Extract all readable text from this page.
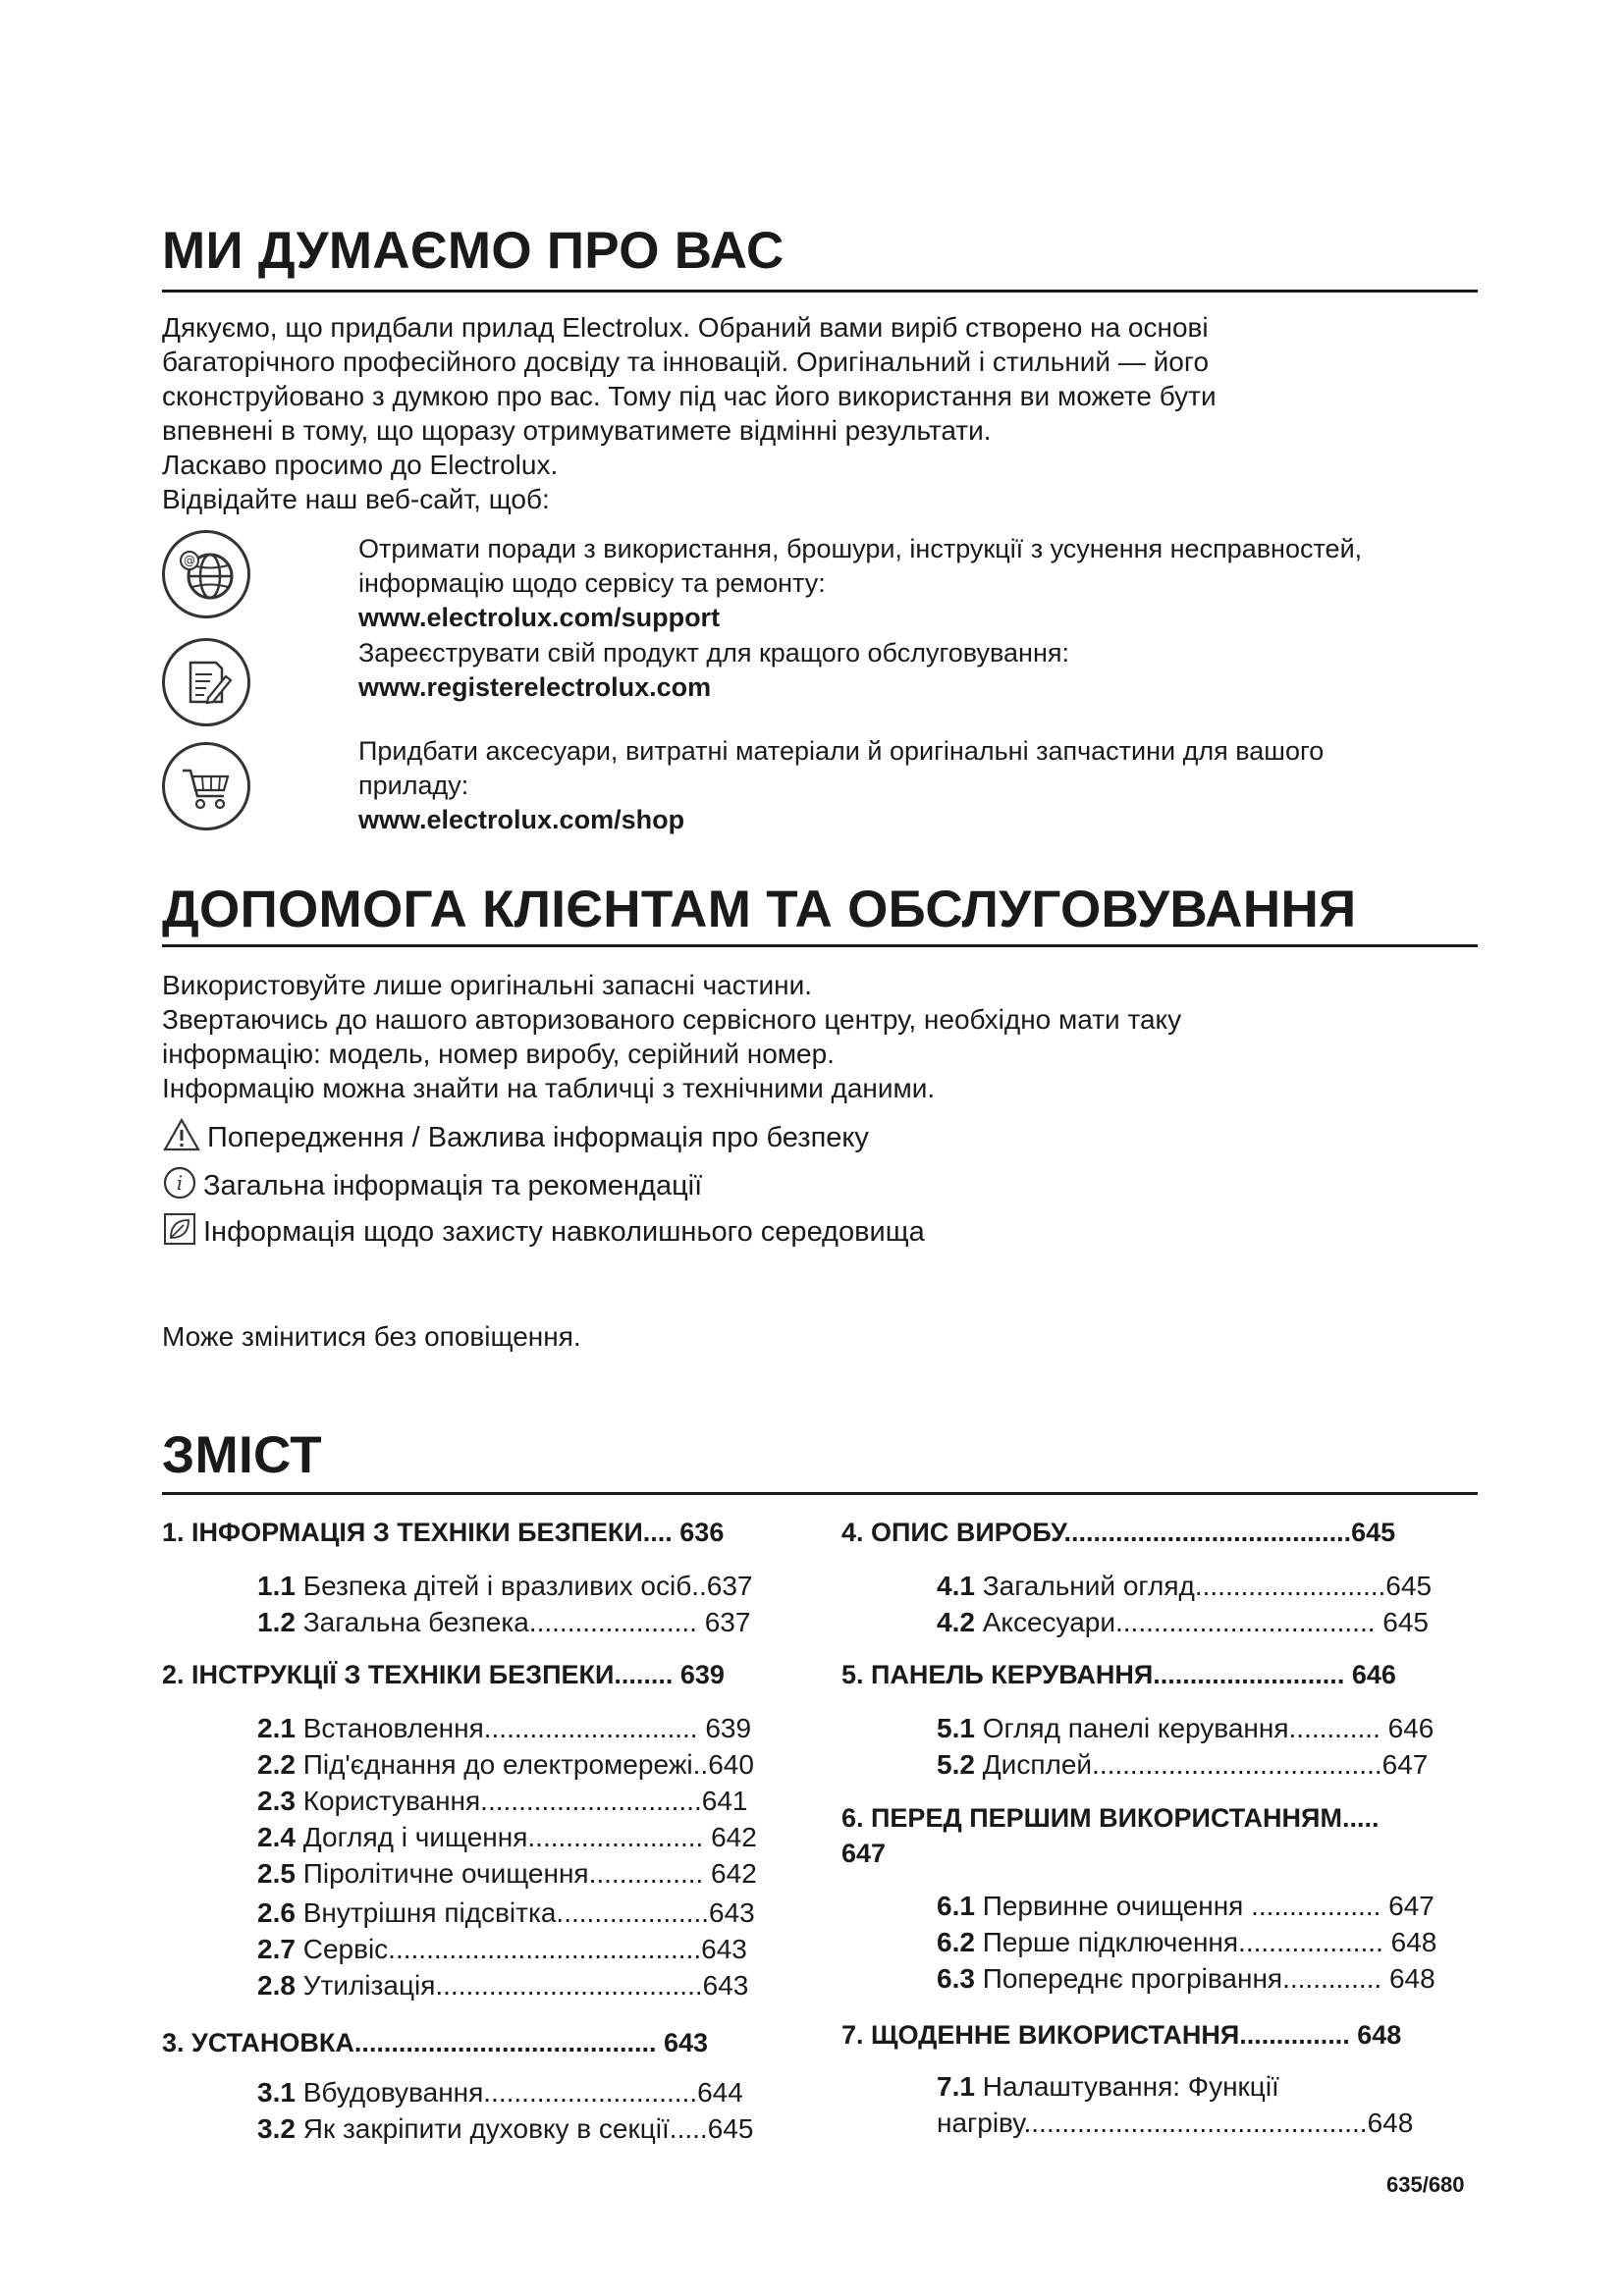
МИ ДУМАЄМО ПРО ВАС
Дякуємо, що придбали прилад Electrolux. Обраний вами виріб створено на основі
багаторічного професійного досвіду та інновацій. Оригінальний і стильний — його
сконструйовано з думкою про вас. Тому під час його використання ви можете бути
впевнені в тому, що щоразу отримуватимете відмінні результати.
Ласкаво просимо до Electrolux.
Відвідайте наш веб-сайт, щоб:
@	Отримати поради з використання, брошури, інструкції з усунення несправностей,
інформацію щодо сервісу та ремонту:
www.electrolux.com/support
Зареєструвати свій продукт для кращого обслуговування:
www.registerelectrolux.com
Придбати аксесуари, витратні матеріали й оригінальні запчастини для вашого
приладу:
www.electrolux.com/shop
ДОПОМОГА КЛІЄНТАМ ТА ОБСЛУГОВУВАННЯ
Використовуйте лише оригінальні запасні частини.
Звертаючись до нашого авторизованого сервісного центру, необхідно мати таку
інформацію: модель, номер виробу, серійний номер.
Інформацію можна знайти на табличці з технічними даними.
Попередження / Важлива інформація про безпеку
i Загальна інформація та рекомендації
Інформація щодо захисту навколишнього середовища
Може змінитися без оповіщення.
ЗМІСТ
1. ІНФОРМАЦІЯ З ТЕХНІКИ БЕЗПЕКИ.... 636
1.1 Безпека дітей і вразливих осіб..637
1.2 Загальна безпека...................... 637
2. ІНСТРУКЦІЇ З ТЕХНІКИ БЕЗПЕКИ........ 639
2.1 Встановлення............................ 639
2.2 Під'єднання до електромережі..640
2.3 Користування.............................641
2.4 Догляд і чищення....................... 642
2.5 Піролітичне очищення............... 642
2.6 Внутрішня підсвітка....................643
2.7 Сервіс.........................................643
2.8 Утилізація...................................643
3. УСТАНОВКА......................................... 643
3.1 Вбудовування............................644
3.2 Як закріпити духовку в секції.....645
4. ОПИС ВИРОБУ.......................................645
4.1 Загальний огляд.........................645
4.2 Аксесуари.................................. 645
5. ПАНЕЛЬ КЕРУВАННЯ.......................... 646
5.1 Огляд панелі керування............ 646
5.2 Дисплей......................................647
6. ПЕРЕД ПЕРШИМ ВИКОРИСТАННЯМ.....
647
6.1 Первинне очищення ................. 647
6.2 Перше підключення................... 648
6.3 Попереднє прогрівання............. 648
7. ЩОДЕННЕ ВИКОРИСТАННЯ............... 648
7.1 Налаштування: Функції
нагріву.............................................648
635/680
